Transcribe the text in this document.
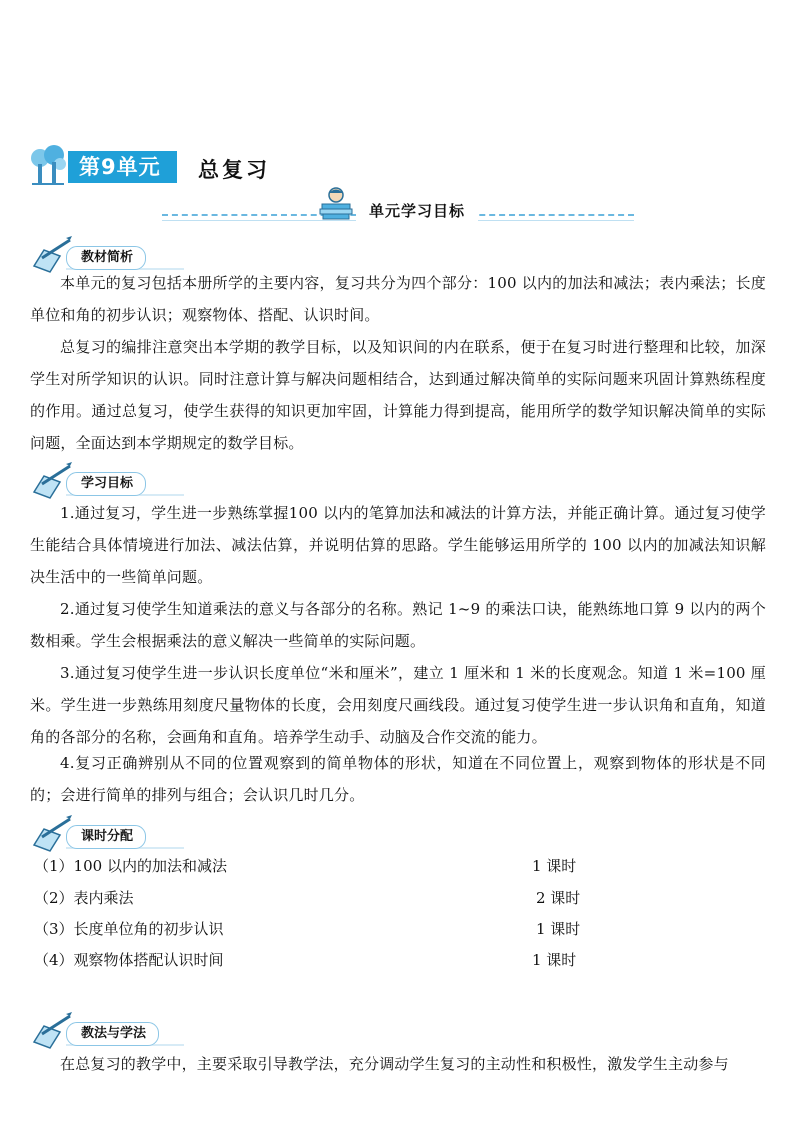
第9单元	总复习
单元学习目标
教材简析

本单元的复习包括本册所学的主要内容，复习共分为四个部分：100 以内的加法和减法；表内乘法；长度单位和角的初步认识；观察物体、搭配、认识时间。

总复习的编排注意突出本学期的教学目标，以及知识间的内在联系，便于在复习时进行整理和比较，加深学生对所学知识的认识。同时注意计算与解决问题相结合，达到通过解决简单的实际问题来巩固计算熟练程度的作用。通过总复习，使学生获得的知识更加牢固，计算能力得到提高，能用所学的数学知识解决简单的实际问题，全面达到本学期规定的数学目标。

学习目标

1.通过复习，学生进一步熟练掌握100 以内的笔算加法和减法的计算方法，并能正确计算。通过复习使学生能结合具体情境进行加法、减法估算，并说明估算的思路。学生能够运用所学的 100 以内的加减法知识解决生活中的一些简单问题。

2.通过复习使学生知道乘法的意义与各部分的名称。熟记 1~9 的乘法口诀，能熟练地口算 9 以内的两个数相乘。学生会根据乘法的意义解决一些简单的实际问题。

3.通过复习使学生进一步认识长度单位“米和厘米”，建立 1 厘米和 1 米的长度观念。知道 1 米=100 厘米。学生进一步熟练用刻度尺量物体的长度，会用刻度尺画线段。通过复习使学生进一步认识角和直角，知道角的各部分的名称，会画角和直角。培养学生动手、动脑及合作交流的能力。

4.复习正确辨别从不同的位置观察到的简单物体的形状，知道在不同位置上，观察到物体的形状是不同的；会进行简单的排列与组合；会认识几时几分。

课时分配
（1）100 以内的加法和减法	1 课时
（2）表内乘法	2 课时
（3）长度单位角的初步认识	1 课时
（4）观察物体搭配认识时间	1 课时
教法与学法

在总复习的教学中，主要采取引导教学法，充分调动学生复习的主动性和积极性，激发学生主动参与
